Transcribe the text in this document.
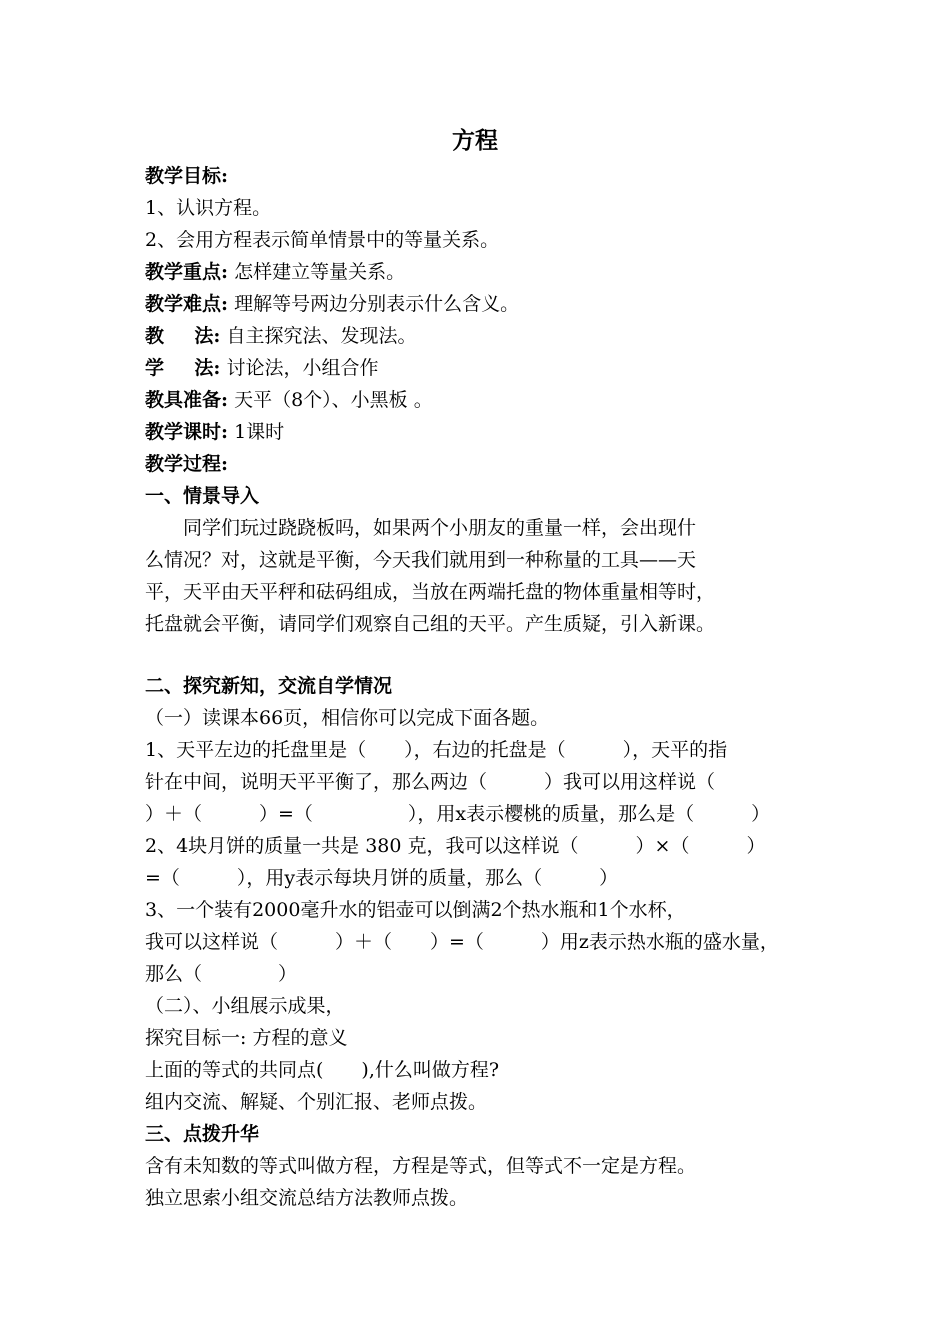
方程
教学目标:
1、认识方程。
2、会用方程表示简单情景中的等量关系。
教学重点: 怎样建立等量关系。
教学难点: 理解等号两边分别表示什么含义。
教 法: 自主探究法、发现法。
学 法: 讨论法，小组合作
教具准备: 天平（8个）、小黑板 。
教学课时: 1课时
教学过程:
一、情景导入
　　同学们玩过跷跷板吗，如果两个小朋友的重量一样，会出现什
么情况？对，这就是平衡，今天我们就用到一种称量的工具——天
平，天平由天平秤和砝码组成，当放在两端托盘的物体重量相等时，
托盘就会平衡，请同学们观察自己组的天平。产生质疑，引入新课。
二、探究新知，交流自学情况
（一）读课本66页，相信你可以完成下面各题。
1、天平左边的托盘里是（　　），右边的托盘是（　　　），天平的指
针在中间，说明天平平衡了，那么两边（　　　）我可以用这样说（
）＋（　　　）=（　　　　　），用x表示樱桃的质量，那么是（　　　）
2、4块月饼的质量一共是 380 克，我可以这样说（　　　）×（　　　）
=（　　　），用y表示每块月饼的质量，那么（　　　）
3、一个装有2000毫升水的铝壶可以倒满2个热水瓶和1个水杯，
我可以这样说（　　　）＋（　　）=（　　　）用z表示热水瓶的盛水量，
那么（　　　　）
（二）、小组展示成果，
探究目标一: 方程的意义
上面的等式的共同点(　　),什么叫做方程?
组内交流、解疑、个别汇报、老师点拨。
三、点拨升华
含有未知数的等式叫做方程，方程是等式，但等式不一定是方程。
独立思索小组交流总结方法教师点拨。
